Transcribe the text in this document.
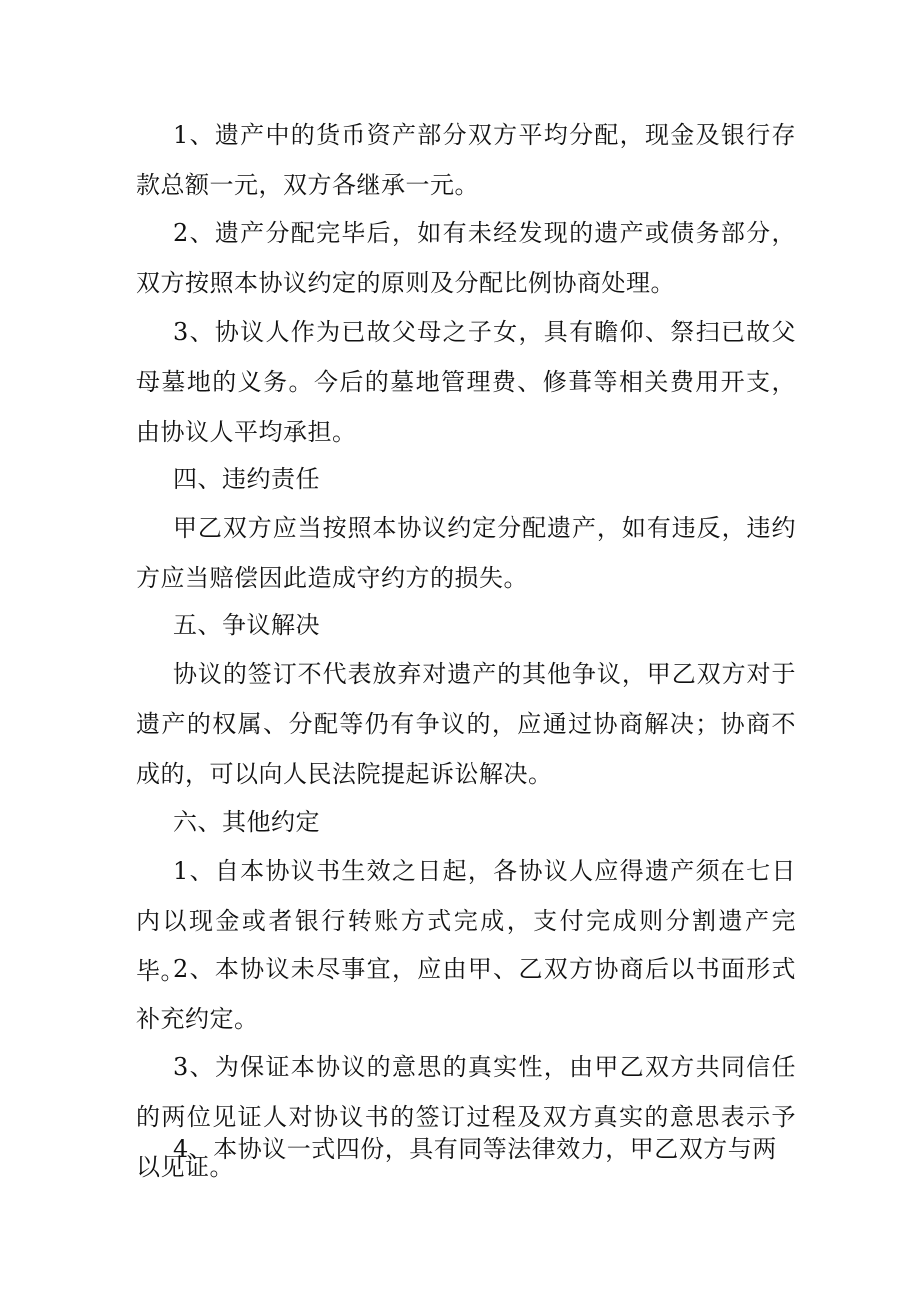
1、遗产中的货币资产部分双方平均分配，现金及银行存款总额一元，双方各继承一元。

2、遗产分配完毕后，如有未经发现的遗产或债务部分，双方按照本协议约定的原则及分配比例协商处理。

3、协议人作为已故父母之子女，具有瞻仰、祭扫已故父母墓地的义务。今后的墓地管理费、修葺等相关费用开支，由协议人平均承担。

四、违约责任

甲乙双方应当按照本协议约定分配遗产，如有违反，违约方应当赔偿因此造成守约方的损失。

五、争议解决

协议的签订不代表放弃对遗产的其他争议，甲乙双方对于遗产的权属、分配等仍有争议的，应通过协商解决；协商不成的，可以向人民法院提起诉讼解决。

六、其他约定

1、自本协议书生效之日起，各协议人应得遗产须在七日内以现金或者银行转账方式完成，支付完成则分割遗产完毕。

2、本协议未尽事宜，应由甲、乙双方协商后以书面形式补充约定。

3、为保证本协议的意思的真实性，由甲乙双方共同信任的两位见证人对协议书的签订过程及双方真实的意思表示予以见证。

4、本协议一式四份，具有同等法律效力，甲乙双方与两
